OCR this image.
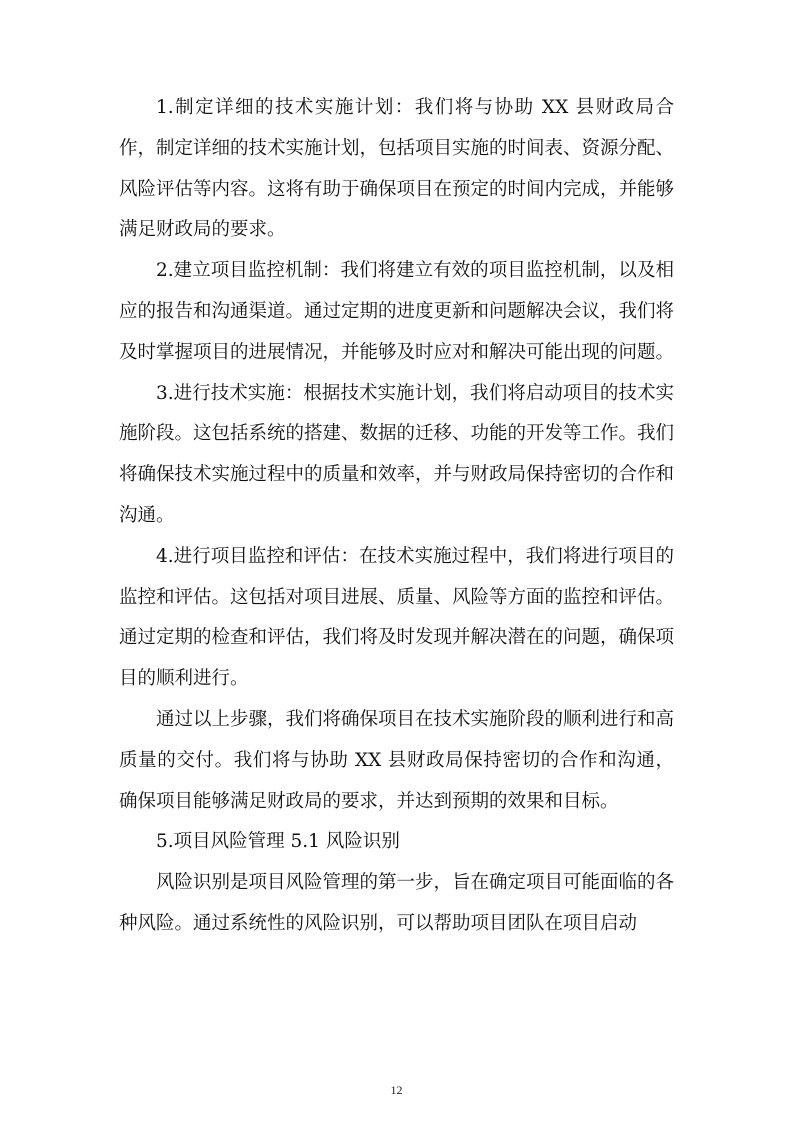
1.制定详细的技术实施计划：我们将与协助 XX 县财政局合作，制定详细的技术实施计划，包括项目实施的时间表、资源分配、风险评估等内容。这将有助于确保项目在预定的时间内完成，并能够满足财政局的要求。

2.建立项目监控机制：我们将建立有效的项目监控机制，以及相应的报告和沟通渠道。通过定期的进度更新和问题解决会议，我们将及时掌握项目的进展情况，并能够及时应对和解决可能出现的问题。

3.进行技术实施：根据技术实施计划，我们将启动项目的技术实施阶段。这包括系统的搭建、数据的迁移、功能的开发等工作。我们将确保技术实施过程中的质量和效率，并与财政局保持密切的合作和沟通。

4.进行项目监控和评估：在技术实施过程中，我们将进行项目的监控和评估。这包括对项目进展、质量、风险等方面的监控和评估。通过定期的检查和评估，我们将及时发现并解决潜在的问题，确保项目的顺利进行。

通过以上步骤，我们将确保项目在技术实施阶段的顺利进行和高质量的交付。我们将与协助 XX 县财政局保持密切的合作和沟通，确保项目能够满足财政局的要求，并达到预期的效果和目标。

5.项目风险管理 5.1 风险识别

风险识别是项目风险管理的第一步，旨在确定项目可能面临的各种风险。通过系统性的风险识别，可以帮助项目团队在项目启动

12
